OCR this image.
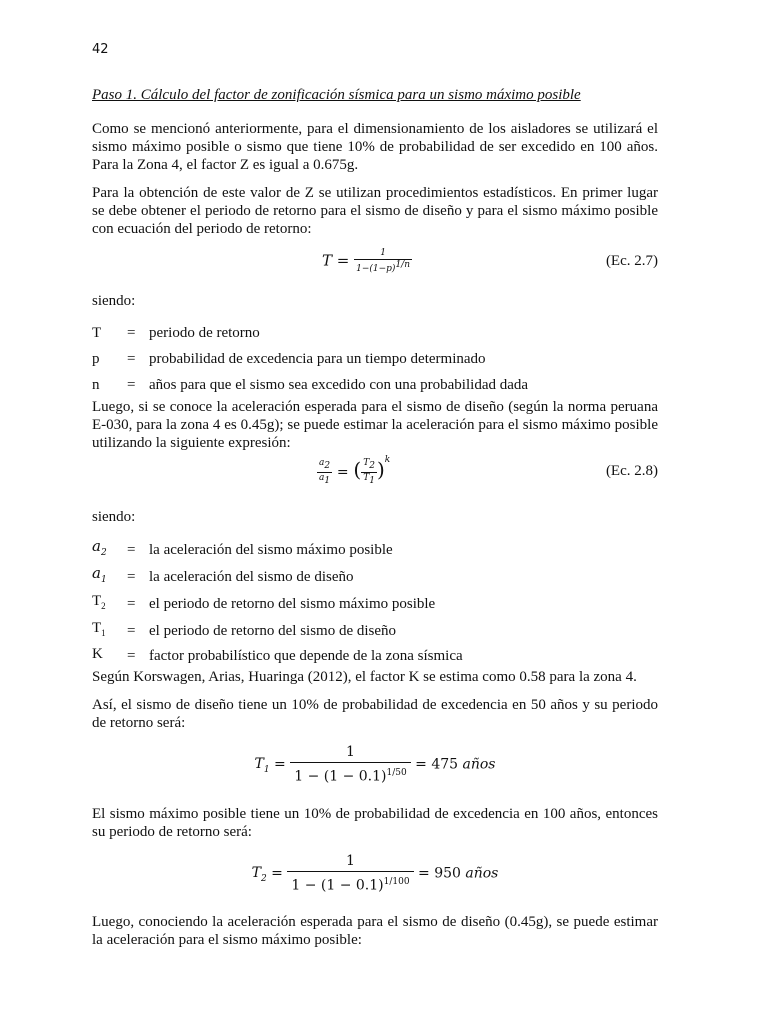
42

Paso 1. Cálculo del factor de zonificación sísmica para un sismo máximo posible

Como se mencionó anteriormente, para el dimensionamiento de los aisladores se utilizará el sismo máximo posible o sismo que tiene 10% de probabilidad de ser excedido en 100 años. Para la Zona 4, el factor Z es igual a 0.675g.

Para la obtención de este valor de Z se utilizan procedimientos estadísticos. En primer lugar se debe obtener el periodo de retorno para el sismo de diseño y para el sismo máximo posible con ecuación del periodo de retorno:

$T = \frac{1}{1-(1-p)^{1/n}}$	(Ec. 2.7)

siendo:

T	= periodo de retorno
p	= probabilidad de excedencia para un tiempo determinado
n	= años para que el sismo sea excedido con una probabilidad dada

Luego, si se conoce la aceleración esperada para el sismo de diseño (según la norma peruana E-030, para la zona 4 es 0.45g); se puede estimar la aceleración para el sismo máximo posible utilizando la siguiente expresión:

$\frac{a_2}{a_1}$ = ( $\frac{T_2}{T_1} )^k$
(Ec. 2.8)

siendo:

$a_2$	= la aceleración del sismo máximo posible
$a_1$	= la aceleración del sismo de diseño
$T_2$	= el periodo de retorno del sismo máximo posible
$T_1$	= el periodo de retorno del sismo de diseño
K	= factor probabilístico que depende de la zona sísmica

Según Korswagen, Arias, Huaringa (2012), el factor K se estima como 0.58 para la zona 4.

Así, el sismo de diseño tiene un 10% de probabilidad de excedencia en 50 años y su periodo de retorno será:

$T_1 = \frac{1}{1 - (1 - 0.1)^{1/50}} = 475$ años

El sismo máximo posible tiene un 10% de probabilidad de excedencia en 100 años, entonces su periodo de retorno será:

$T_2 = \frac{1}{1 - (1 - 0.1)^{1/100}} = 950$ años

Luego, conociendo la aceleración esperada para el sismo de diseño (0.45g), se puede estimar la aceleración para el sismo máximo posible:
